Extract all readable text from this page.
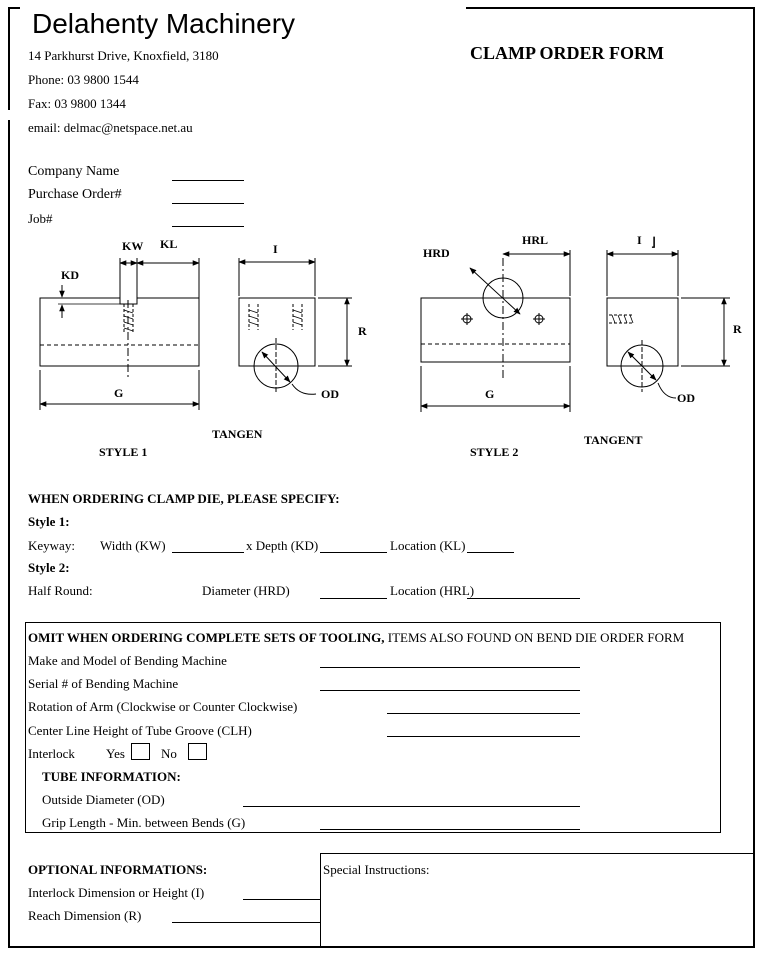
Delahenty Machinery
14 Parkhurst Drive, Knoxfield, 3180
Phone: 03 9800 1544
Fax: 03 9800 1344
email: delmac@netspace.net.au
CLAMP ORDER FORM
Company Name
Purchase Order#
Job#
KW KL
KD
G
I
R
OD
TANGEN
STYLE 1
HRD
HRL
G
I ⌋
R
OD
TANGENT
STYLE 2
WHEN ORDERING CLAMP DIE, PLEASE SPECIFY:
Style 1:
Keyway: Width (KW)	x Depth (KD)	Location (KL)
Style 2:
Half Round:	Diameter (HRD)	Location (HRL)
OMIT WHEN ORDERING COMPLETE SETS OF TOOLING, ITEMS ALSO FOUND ON BEND DIE ORDER FORM
Make and Model of Bending Machine
Serial # of Bending Machine
Rotation of Arm (Clockwise or Counter Clockwise)
Center Line Height of Tube Groove (CLH)
Interlock Yes	No
TUBE INFORMATION:
Outside Diameter (OD)
Grip Length - Min. between Bends (G)
OPTIONAL INFORMATIONS:
Interlock Dimension or Height (I)
Reach Dimension (R)
Special Instructions:
